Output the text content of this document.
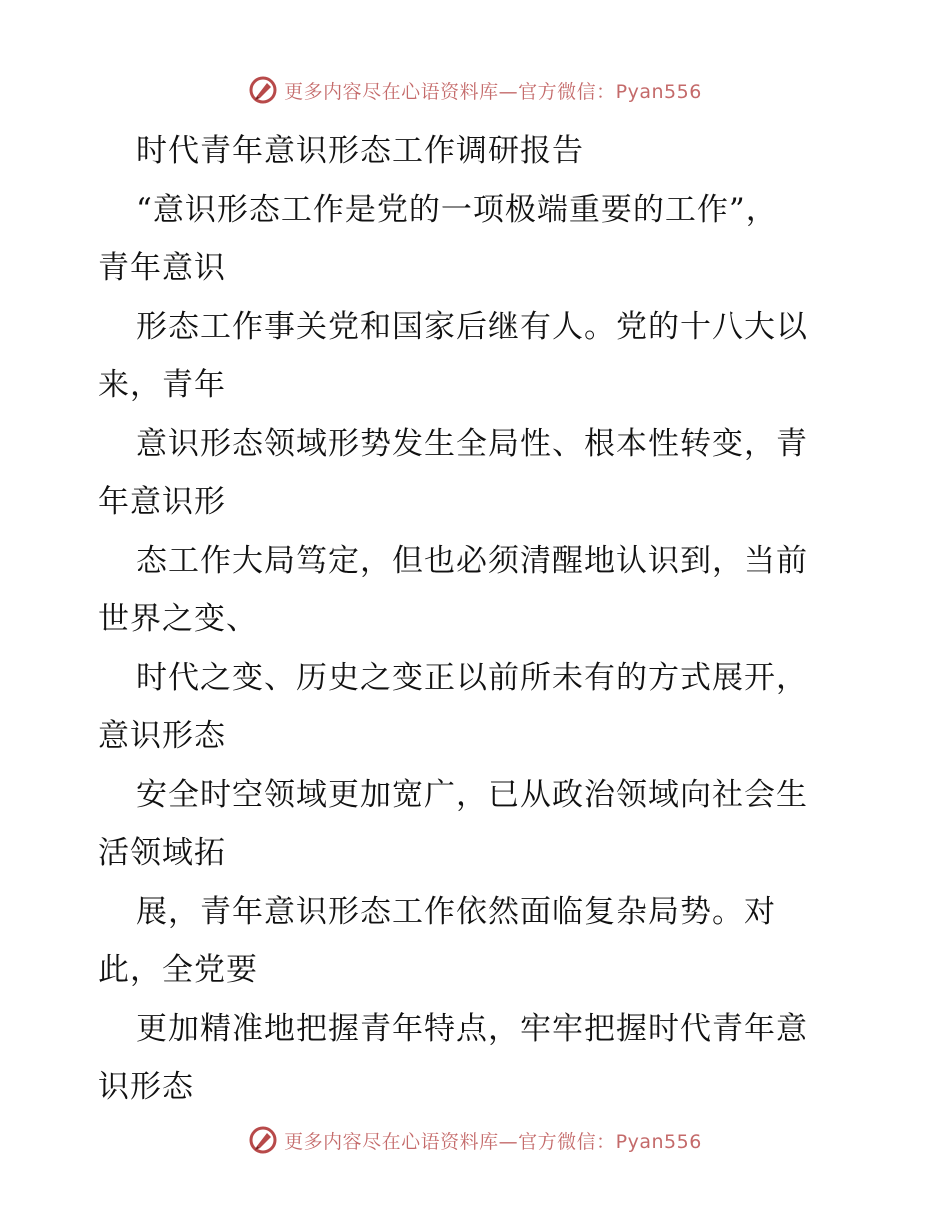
更多内容尽在心语资料库—官方微信：Pyan556
时代青年意识形态工作调研报告
“意识形态工作是党的一项极端重要的工作”，
青年意识
形态工作事关党和国家后继有人。党的十八大以
来，青年
意识形态领域形势发生全局性、根本性转变，青
年意识形
态工作大局笃定，但也必须清醒地认识到，当前
世界之变、
时代之变、历史之变正以前所未有的方式展开，
意识形态
安全时空领域更加宽广，已从政治领域向社会生
活领域拓
展，青年意识形态工作依然面临复杂局势。对
此，全党要
更加精准地把握青年特点，牢牢把握时代青年意
识形态
更多内容尽在心语资料库—官方微信：Pyan556
